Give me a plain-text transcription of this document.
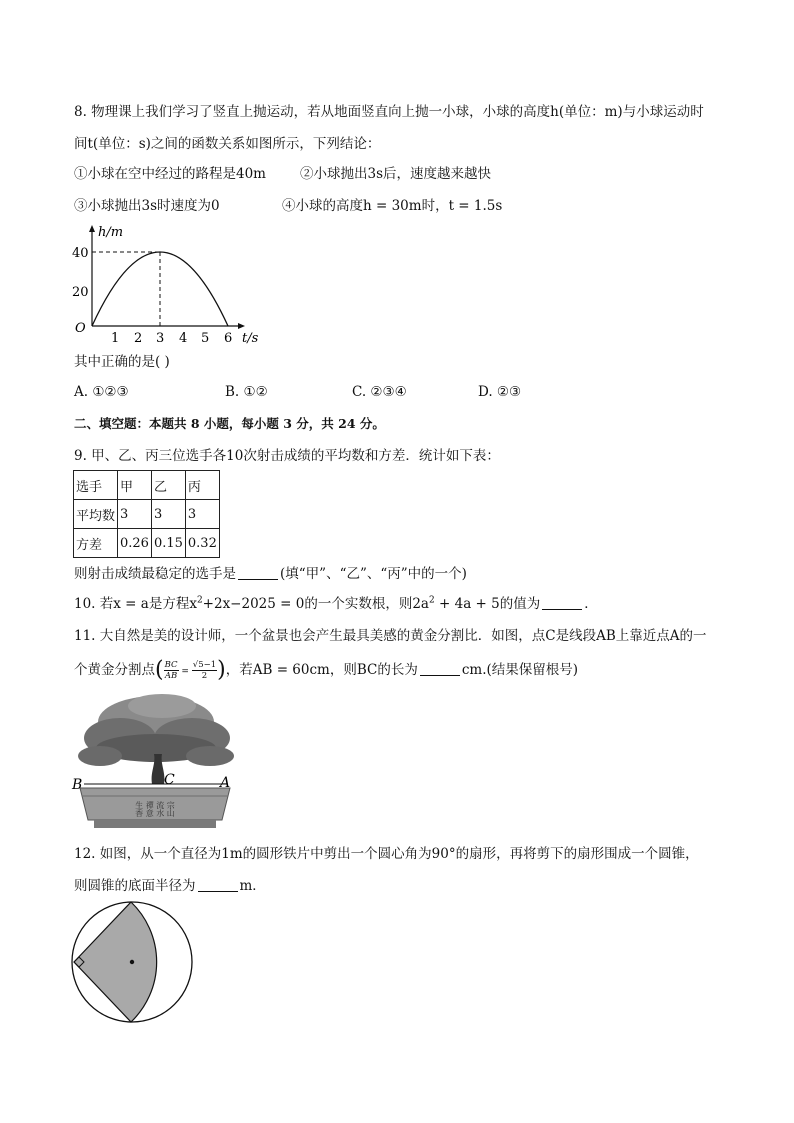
8. 物理课上我们学习了竖直上抛运动，若从地面竖直向上抛一小球，小球的高度h(单位：m)与小球运动时
间t(单位：s)之间的函数关系如图所示，下列结论：
①小球在空中经过的路程是40m	②小球抛出3s后，速度越来越快
③小球抛出3s时速度为0	④小球的高度h = 30m时，t = 1.5s
h/m
t/s
O
40
20
1 2 3 4 5 6
其中正确的是( )
A. ①②③	B. ①②	C. ②③④	D. ②③
二、填空题：本题共 8 小题，每小题 3 分，共 24 分。
9. 甲、乙、丙三位选手各10次射击成绩的平均数和方差．统计如下表：
选手	甲	乙	丙
平均数	3	3	3
方差	0.26	0.15	0.32
则射击成绩最稳定的选手是	(填“甲”、“乙”、“丙”中的一个)
10. 若x = a是方程$x^2+2x-2025 = 0$的一个实数根，则$2a^2 + 4a + 5$的值为	．
11. 大自然是美的设计师，一个盆景也会产生最具美感的黄金分割比．如图，点C是线段AB上靠近点A的一
个黄金分割点( $\frac{BC}{AB} = \frac{√5-1}{2}$ )，若AB = 60cm，则BC的长为	cm.(结果保留根号)
生 禪 流 宗
香 意 水 山
B	C	A
12. 如图，从一个直径为1m的圆形铁片中剪出一个圆心角为90°的扇形，再将剪下的扇形围成一个圆锥，
则圆锥的底面半径为	m．
